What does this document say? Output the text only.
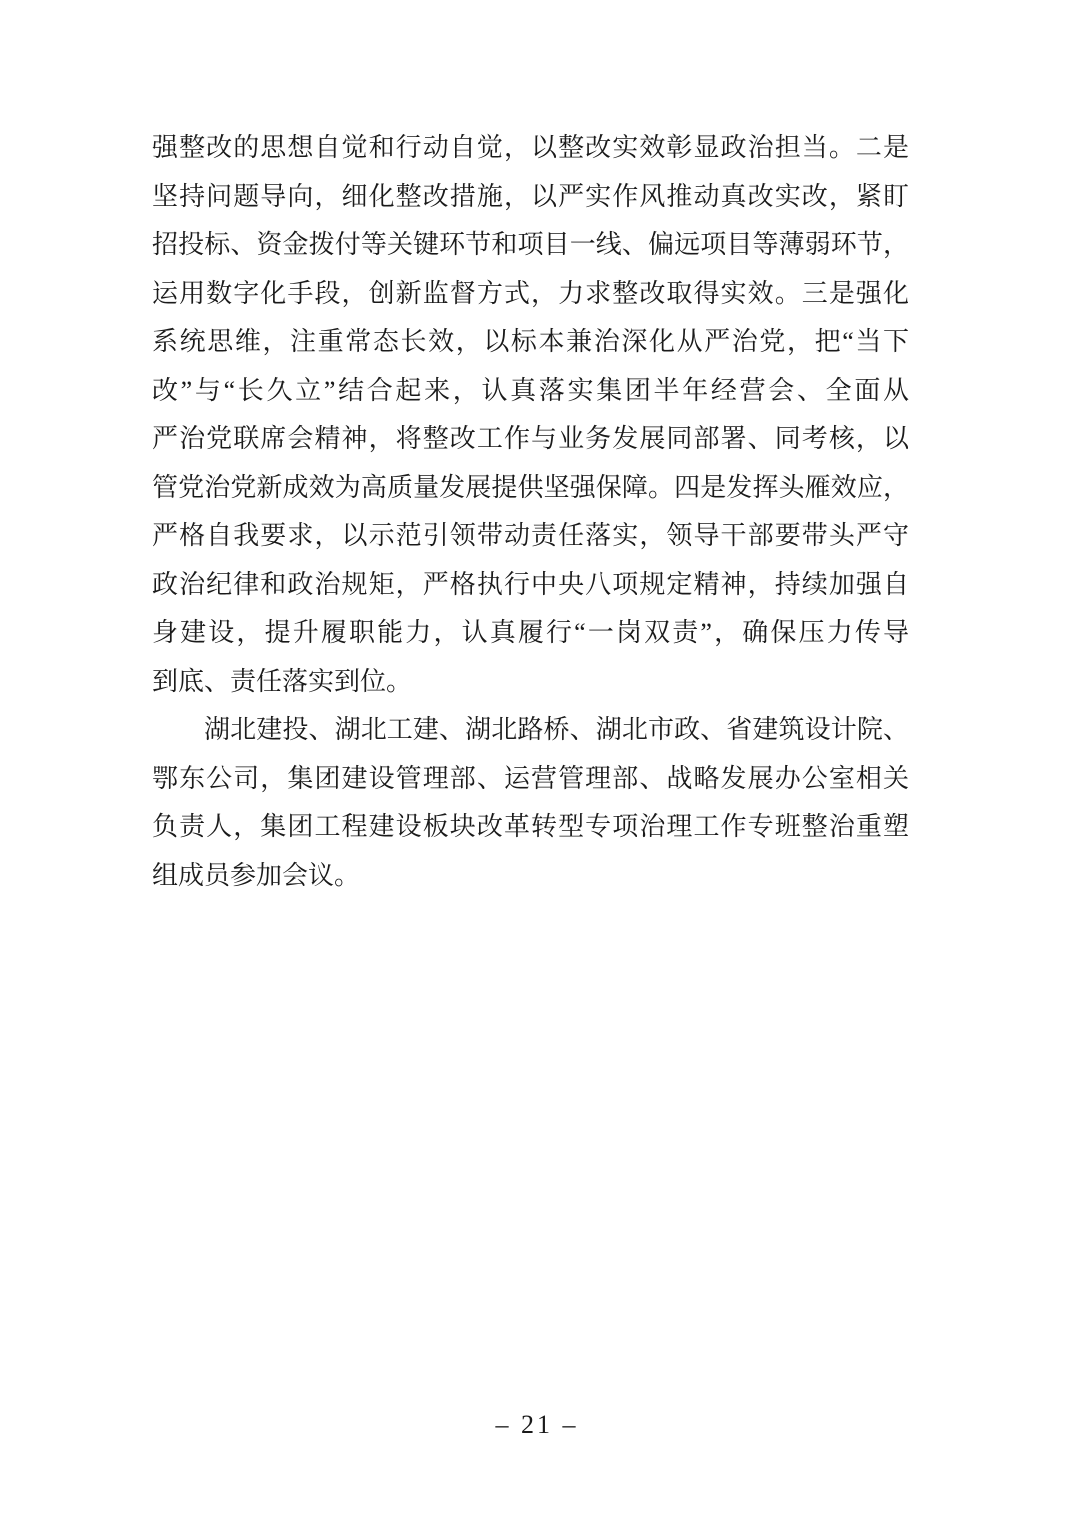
强整改的思想自觉和行动自觉，以整改实效彰显政治担当。二是
坚持问题导向，细化整改措施，以严实作风推动真改实改，紧盯
招投标、资金拨付等关键环节和项目一线、偏远项目等薄弱环节，
运用数字化手段，创新监督方式，力求整改取得实效。三是强化
系统思维，注重常态长效，以标本兼治深化从严治党，把“当下
改”与“长久立”结合起来，认真落实集团半年经营会、全面从
严治党联席会精神，将整改工作与业务发展同部署、同考核，以
管党治党新成效为高质量发展提供坚强保障。四是发挥头雁效应，
严格自我要求，以示范引领带动责任落实，领导干部要带头严守
政治纪律和政治规矩，严格执行中央八项规定精神，持续加强自
身建设，提升履职能力，认真履行“一岗双责”，确保压力传导
到底、责任落实到位。
湖北建投、湖北工建、湖北路桥、湖北市政、省建筑设计院、
鄂东公司，集团建设管理部、运营管理部、战略发展办公室相关
负责人，集团工程建设板块改革转型专项治理工作专班整治重塑
组成员参加会议。
– 21 –
